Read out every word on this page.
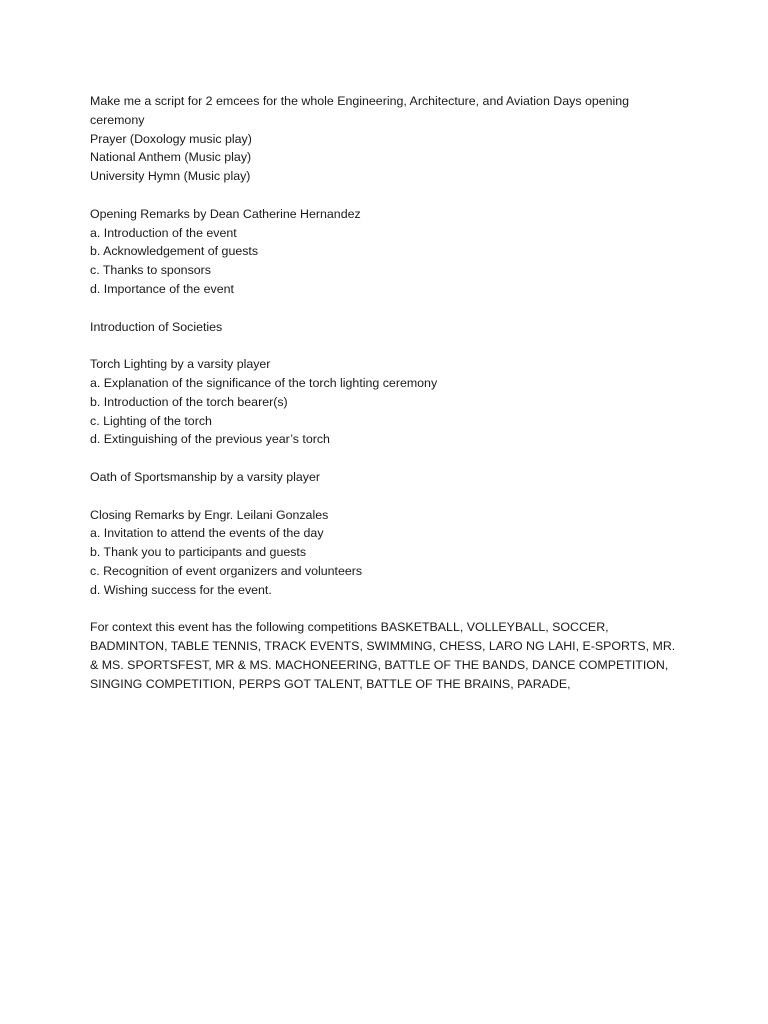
Make me a script for 2 emcees for the whole Engineering, Architecture, and Aviation Days opening ceremony
Prayer (Doxology music play)
National Anthem (Music play)
University Hymn (Music play)
Opening Remarks by Dean Catherine Hernandez
a. Introduction of the event
b. Acknowledgement of guests
c. Thanks to sponsors
d. Importance of the event
Introduction of Societies
Torch Lighting by a varsity player
a. Explanation of the significance of the torch lighting ceremony
b. Introduction of the torch bearer(s)
c. Lighting of the torch
d. Extinguishing of the previous year’s torch
Oath of Sportsmanship by a varsity player
Closing Remarks by Engr. Leilani Gonzales
a. Invitation to attend the events of the day
b. Thank you to participants and guests
c. Recognition of event organizers and volunteers
d. Wishing success for the event.
For context this event has the following competitions BASKETBALL, VOLLEYBALL, SOCCER, BADMINTON, TABLE TENNIS, TRACK EVENTS, SWIMMING, CHESS, LARO NG LAHI, E-SPORTS, MR. & MS. SPORTSFEST, MR & MS. MACHONEERING, BATTLE OF THE BANDS, DANCE COMPETITION, SINGING COMPETITION, PERPS GOT TALENT, BATTLE OF THE BRAINS, PARADE,
